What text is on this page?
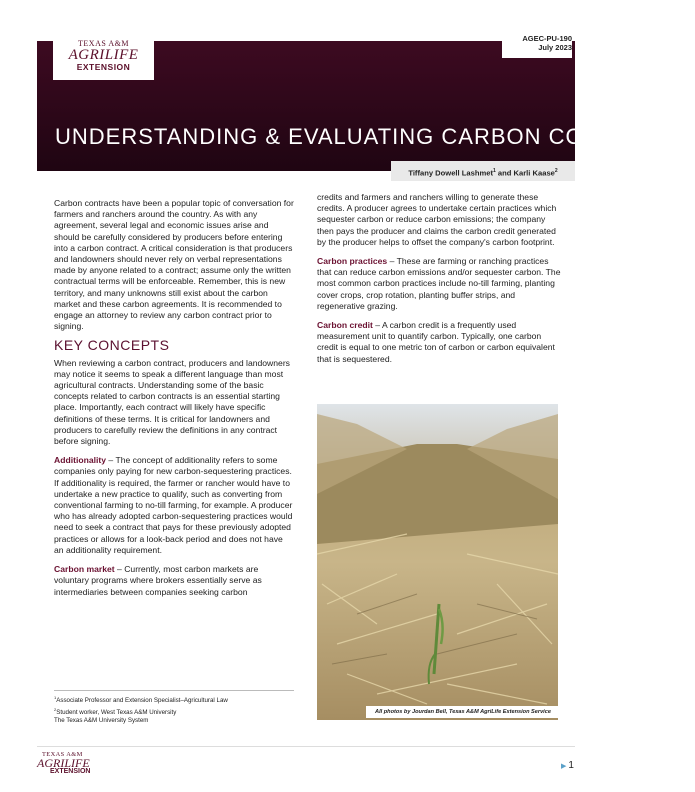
TEXAS A&M
AGRILIFE
EXTENSION
AGEC-PU-190
July 2023
UNDERSTANDING & EVALUATING CARBON CONTRACTS
Tiffany Dowell Lashmet$^1$ and Karli Kaase$^2$

Carbon contracts have been a popular topic of conversation for farmers and ranchers around the country. As with any agreement, several legal and economic issues arise and should be carefully considered by producers before entering into a carbon contract. A critical consideration is that producers and landowners should never rely on verbal representations made by anyone related to a contract; assume only the written contractual terms will be enforceable. Remember, this is new territory, and many unknowns still exist about the carbon market and these carbon agreements. It is recommended to engage an attorney to review any carbon contract prior to signing.

KEY CONCEPTS

When reviewing a carbon contract, producers and landowners may notice it seems to speak a different language than most agricultural contracts. Understanding some of the basic concepts related to carbon contracts is an essential starting place. Importantly, each contract will likely have specific definitions of these terms. It is critical for landowners and producers to carefully review the definitions in any contract before signing.

Additionality – The concept of additionality refers to some companies only paying for new carbon-sequestering practices. If additionality is required, the farmer or rancher would have to undertake a new practice to qualify, such as converting from conventional farming to no-till farming, for example. A producer who has already adopted carbon-sequestering practices would need to seek a contract that pays for these previously adopted practices or allows for a look-back period and does not have an additionality requirement.

Carbon market – Currently, most carbon markets are voluntary programs where brokers essentially serve as intermediaries between companies seeking carbon

credits and farmers and ranchers willing to generate these credits. A producer agrees to undertake certain practices which sequester carbon or reduce carbon emissions; the company then pays the producer and claims the carbon credit generated by the producer helps to offset the company's carbon footprint.

Carbon practices – These are farming or ranching practices that can reduce carbon emissions and/or sequester carbon. The most common carbon practices include no-till farming, planting cover crops, crop rotation, planting buffer strips, and regenerative grazing.

Carbon credit – A carbon credit is a frequently used measurement unit to quantify carbon. Typically, one carbon credit is equal to one metric ton of carbon or carbon equivalent that is sequestered.

All photos by Jourdan Bell, Texas A&M AgriLife Extension Service
$^1$Associate Professor and Extension Specialist–Agricultural Law
$^2$Student worker, West Texas A&M University
The Texas A&M University System
TEXAS A&M
AGRILIFE
EXTENSION
▶ 1
